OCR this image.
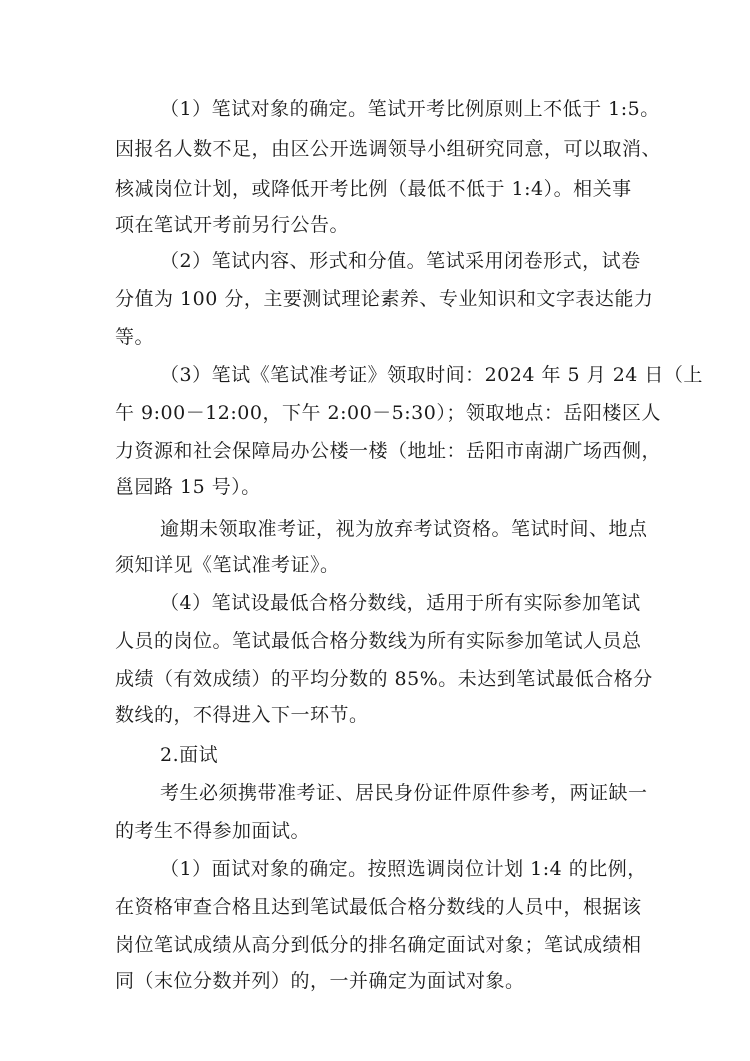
（1）笔试对象的确定。笔试开考比例原则上不低于 1:5。
因报名人数不足，由区公开选调领导小组研究同意，可以取消、
核减岗位计划，或降低开考比例（最低不低于 1:4）。相关事
项在笔试开考前另行公告。
（2）笔试内容、形式和分值。笔试采用闭卷形式，试卷
分值为 100 分，主要测试理论素养、专业知识和文字表达能力
等。
（3）笔试《笔试准考证》领取时间：2024 年 5 月 24 日（上
午 9:00－12:00，下午 2:00－5:30）；领取地点：岳阳楼区人
力资源和社会保障局办公楼一楼（地址：岳阳市南湖广场西侧，
邕园路 15 号）。
逾期未领取准考证，视为放弃考试资格。笔试时间、地点
须知详见《笔试准考证》。
（4）笔试设最低合格分数线，适用于所有实际参加笔试
人员的岗位。笔试最低合格分数线为所有实际参加笔试人员总
成绩（有效成绩）的平均分数的 85%。未达到笔试最低合格分
数线的，不得进入下一环节。
2.面试
考生必须携带准考证、居民身份证件原件参考，两证缺一
的考生不得参加面试。
（1）面试对象的确定。按照选调岗位计划 1:4 的比例，
在资格审查合格且达到笔试最低合格分数线的人员中，根据该
岗位笔试成绩从高分到低分的排名确定面试对象；笔试成绩相
同（末位分数并列）的，一并确定为面试对象。
